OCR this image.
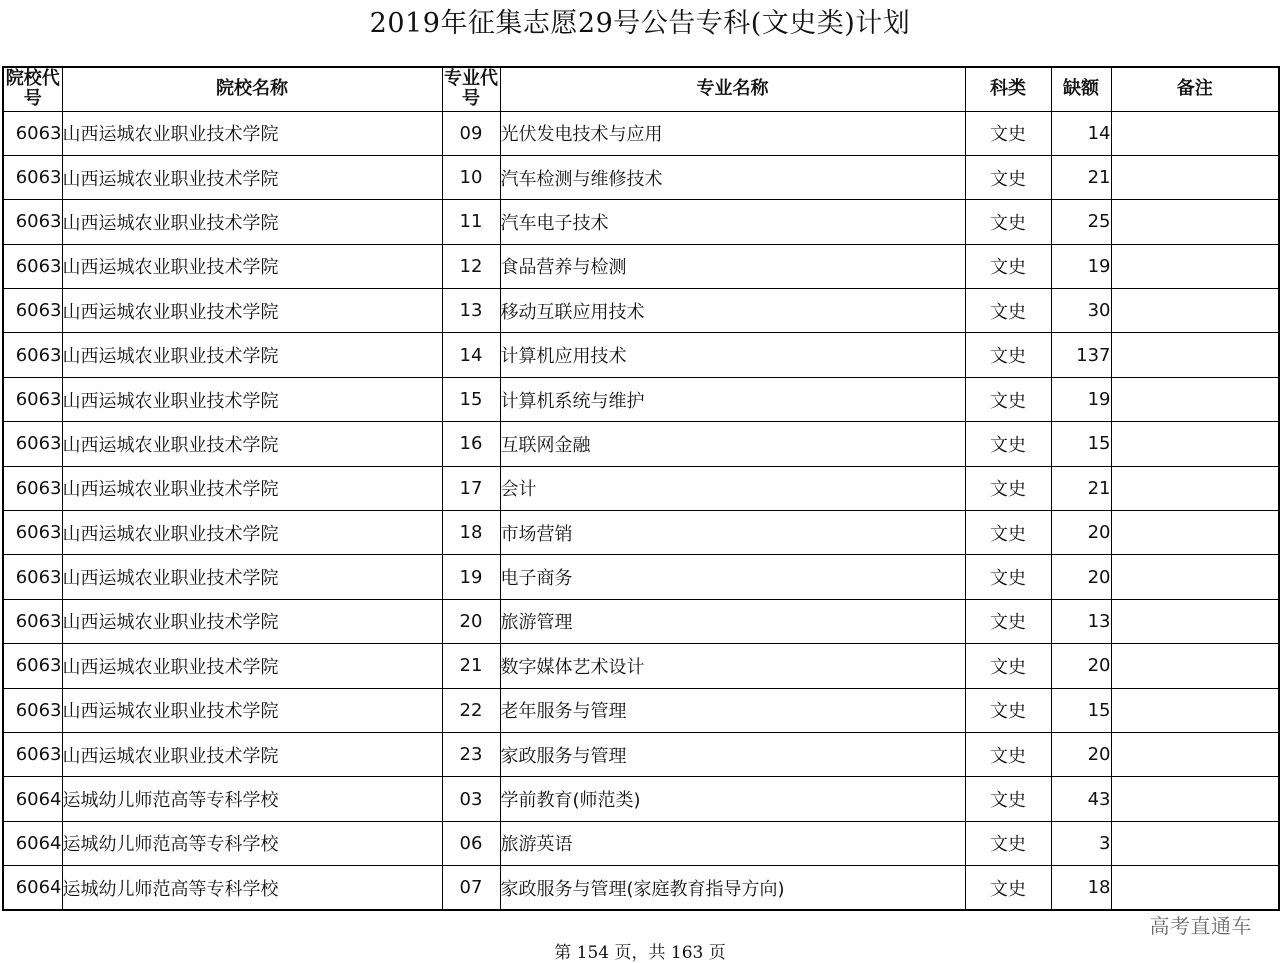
2019年征集志愿29号公告专科(文史类)计划
院校代号	院校名称	专业代号	专业名称	科类	缺额	备注
6063	山西运城农业职业技术学院	09	光伏发电技术与应用	文史	14	
6063	山西运城农业职业技术学院	10	汽车检测与维修技术	文史	21	
6063	山西运城农业职业技术学院	11	汽车电子技术	文史	25	
6063	山西运城农业职业技术学院	12	食品营养与检测	文史	19	
6063	山西运城农业职业技术学院	13	移动互联应用技术	文史	30	
6063	山西运城农业职业技术学院	14	计算机应用技术	文史	137	
6063	山西运城农业职业技术学院	15	计算机系统与维护	文史	19	
6063	山西运城农业职业技术学院	16	互联网金融	文史	15	
6063	山西运城农业职业技术学院	17	会计	文史	21	
6063	山西运城农业职业技术学院	18	市场营销	文史	20	
6063	山西运城农业职业技术学院	19	电子商务	文史	20	
6063	山西运城农业职业技术学院	20	旅游管理	文史	13	
6063	山西运城农业职业技术学院	21	数字媒体艺术设计	文史	20	
6063	山西运城农业职业技术学院	22	老年服务与管理	文史	15	
6063	山西运城农业职业技术学院	23	家政服务与管理	文史	20	
6064	运城幼儿师范高等专科学校	03	学前教育(师范类)	文史	43	
6064	运城幼儿师范高等专科学校	06	旅游英语	文史	3	
6064	运城幼儿师范高等专科学校	07	家政服务与管理(家庭教育指导方向)	文史	18	
高考直通车
第 154 页，共 163 页
